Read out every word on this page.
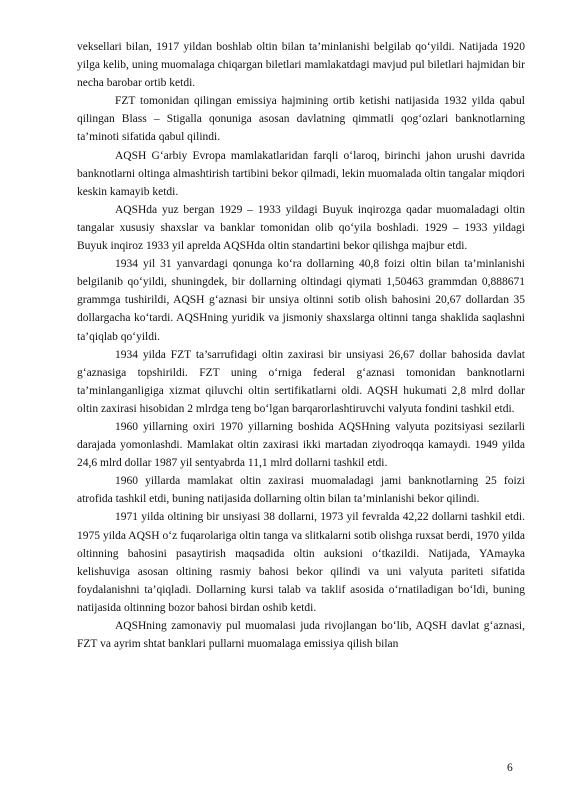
veksellari bilan, 1917 yildan boshlab oltin bilan ta’minlanishi belgilab qo‘yildi. Natijada 1920 yilga kelib, uning muomalaga chiqargan biletlari mamlakatdagi mavjud pul biletlari hajmidan bir necha barobar ortib ketdi.

FZT tomonidan qilingan emissiya hajmining ortib ketishi natijasida 1932 yilda qabul qilingan Blass – Stigalla qonuniga asosan davlatning qimmatli qog‘ozlari banknotlarning ta’minoti sifatida qabul qilindi.

AQSH G‘arbiy Evropa mamlakatlaridan farqli o‘laroq, birinchi jahon urushi davrida banknotlarni oltinga almashtirish tartibini bekor qilmadi, lekin muomalada oltin tangalar miqdori keskin kamayib ketdi.

AQSHda yuz bergan 1929 – 1933 yildagi Buyuk inqirozga qadar muomaladagi oltin tangalar xususiy shaxslar va banklar tomonidan olib qo‘yila boshladi. 1929 – 1933 yildagi Buyuk inqiroz 1933 yil aprelda AQSHda oltin standartini bekor qilishga majbur etdi.

1934 yil 31 yanvardagi qonunga ko‘ra dollarning 40,8 foizi oltin bilan ta’minlanishi belgilanib qo‘yildi, shuningdek, bir dollarning oltindagi qiymati 1,50463 grammdan 0,888671 grammga tushirildi, AQSH g‘aznasi bir unsiya oltinni sotib olish bahosini 20,67 dollardan 35 dollargacha ko‘tardi. AQSHning yuridik va jismoniy shaxslarga oltinni tanga shaklida saqlashni ta’qiqlab qo‘yildi.

1934 yilda FZT ta’sarrufidagi oltin zaxirasi bir unsiyasi 26,67 dollar bahosida davlat g‘aznasiga topshirildi. FZT uning o‘rniga federal g‘aznasi tomonidan banknotlarni ta’minlanganligiga xizmat qiluvchi oltin sertifikatlarni oldi. AQSH hukumati 2,8 mlrd dollar oltin zaxirasi hisobidan 2 mlrdga teng bo‘lgan barqarorlashtiruvchi valyuta fondini tashkil etdi.

1960 yillarning oxiri 1970 yillarning boshida AQSHning valyuta pozitsiyasi sezilarli darajada yomonlashdi. Mamlakat oltin zaxirasi ikki martadan ziyodroqqa kamaydi. 1949 yilda 24,6 mlrd dollar 1987 yil sentyabrda 11,1 mlrd dollarni tashkil etdi.

1960 yillarda mamlakat oltin zaxirasi muomaladagi jami banknotlarning 25 foizi atrofida tashkil etdi, buning natijasida dollarning oltin bilan ta’minlanishi bekor qilindi.

1971 yilda oltining bir unsiyasi 38 dollarni, 1973 yil fevralda 42,22 dollarni tashkil etdi. 1975 yilda AQSH o‘z fuqarolariga oltin tanga va slitkalarni sotib olishga ruxsat berdi, 1970 yilda oltinning bahosini pasaytirish maqsadida oltin auksioni o‘tkazildi. Natijada, YAmayka kelishuviga asosan oltining rasmiy bahosi bekor qilindi va uni valyuta pariteti sifatida foydalanishni ta’qiqladi. Dollarning kursi talab va taklif asosida o‘rnatiladigan bo‘ldi, buning natijasida oltinning bozor bahosi birdan oshib ketdi.

AQSHning zamonaviy pul muomalasi juda rivojlangan bo‘lib, AQSH davlat g‘aznasi, FZT va ayrim shtat banklari pullarni muomalaga emissiya qilish bilan

6
